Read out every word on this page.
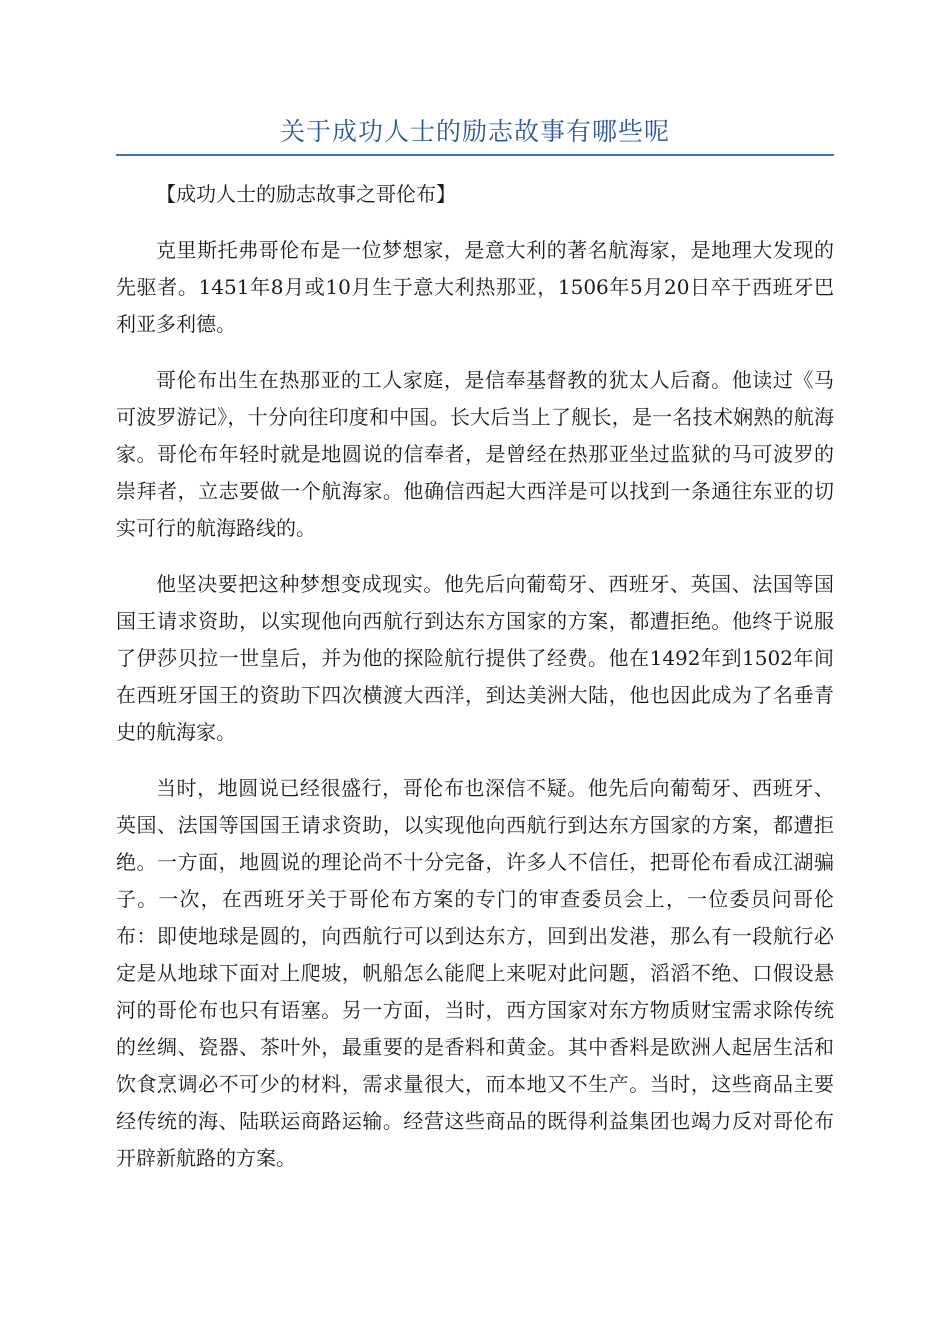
关于成功人士的励志故事有哪些呢

【成功人士的励志故事之哥伦布】

克里斯托弗哥伦布是一位梦想家，是意大利的著名航海家，是地理大发现的先驱者。1451年8月或10月生于意大利热那亚，1506年5月20日卒于西班牙巴利亚多利德。

哥伦布出生在热那亚的工人家庭，是信奉基督教的犹太人后裔。他读过《马可波罗游记》，十分向往印度和中国。长大后当上了舰长，是一名技术娴熟的航海家。哥伦布年轻时就是地圆说的信奉者，是曾经在热那亚坐过监狱的马可波罗的崇拜者，立志要做一个航海家。他确信西起大西洋是可以找到一条通往东亚的切实可行的航海路线的。

他坚决要把这种梦想变成现实。他先后向葡萄牙、西班牙、英国、法国等国国王请求资助，以实现他向西航行到达东方国家的方案，都遭拒绝。他终于说服了伊莎贝拉一世皇后，并为他的探险航行提供了经费。他在1492年到1502年间在西班牙国王的资助下四次横渡大西洋，到达美洲大陆，他也因此成为了名垂青史的航海家。

当时，地圆说已经很盛行，哥伦布也深信不疑。他先后向葡萄牙、西班牙、英国、法国等国国王请求资助，以实现他向西航行到达东方国家的方案，都遭拒绝。一方面，地圆说的理论尚不十分完备，许多人不信任，把哥伦布看成江湖骗子。一次，在西班牙关于哥伦布方案的专门的审查委员会上，一位委员问哥伦布：即使地球是圆的，向西航行可以到达东方，回到出发港，那么有一段航行必定是从地球下面对上爬坡，帆船怎么能爬上来呢对此问题，滔滔不绝、口假设悬河的哥伦布也只有语塞。另一方面，当时，西方国家对东方物质财宝需求除传统的丝绸、瓷器、茶叶外，最重要的是香料和黄金。其中香料是欧洲人起居生活和饮食烹调必不可少的材料，需求量很大，而本地又不生产。当时，这些商品主要经传统的海、陆联运商路运输。经营这些商品的既得利益集团也竭力反对哥伦布开辟新航路的方案。
